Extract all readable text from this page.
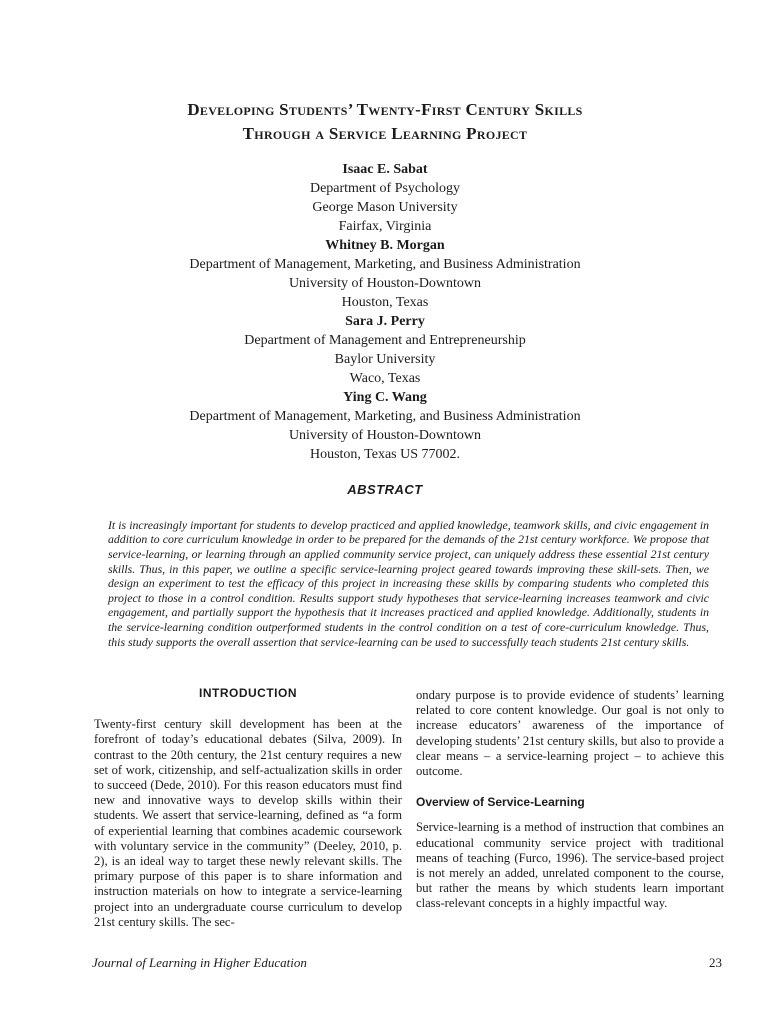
Developing Students’ Twenty-First Century Skills
Through a Service Learning Project
Isaac E. Sabat
Department of Psychology
George Mason University
Fairfax, Virginia
Whitney B. Morgan
Department of Management, Marketing, and Business Administration
University of Houston-Downtown
Houston, Texas
Sara J. Perry
Department of Management and Entrepreneurship
Baylor University
Waco, Texas
Ying C. Wang
Department of Management, Marketing, and Business Administration
University of Houston-Downtown
Houston, Texas US 77002.
ABSTRACT

It is increasingly important for students to develop practiced and applied knowledge, teamwork skills, and civic engagement in addition to core curriculum knowledge in order to be prepared for the demands of the 21st century workforce. We propose that service-learning, or learning through an applied community service project, can uniquely address these essential 21st century skills. Thus, in this paper, we outline a specific service-learning project geared towards improving these skill-sets. Then, we design an experiment to test the efficacy of this project in increasing these skills by comparing students who completed this project to those in a control condition. Results support study hypotheses that service-learning increases teamwork and civic engagement, and partially support the hypothesis that it increases practiced and applied knowledge. Additionally, students in the service-learning condition outperformed students in the control condition on a test of core-curriculum knowledge. Thus, this study supports the overall assertion that service-learning can be used to successfully teach students 21st century skills.

INTRODUCTION

Twenty-first century skill development has been at the forefront of today’s educational debates (Silva, 2009). In contrast to the 20th century, the 21st century requires a new set of work, citizenship, and self-actualization skills in order to succeed (Dede, 2010). For this reason educators must find new and innovative ways to develop skills within their students. We assert that service-learning, defined as “a form of experiential learning that combines academic coursework with voluntary service in the community” (Deeley, 2010, p. 2), is an ideal way to target these newly relevant skills. The primary purpose of this paper is to share information and instruction materials on how to integrate a service-learning project into an undergraduate course curriculum to develop 21st century skills. The sec-

ondary purpose is to provide evidence of students’ learning related to core content knowledge. Our goal is not only to increase educators’ awareness of the importance of developing students’ 21st century skills, but also to provide a clear means – a service-learning project – to achieve this outcome.

Overview of Service-Learning

Service-learning is a method of instruction that combines an educational community service project with traditional means of teaching (Furco, 1996). The service-based project is not merely an added, unrelated component to the course, but rather the means by which students learn important class-relevant concepts in a highly impactful way.

Journal of Learning in Higher Education	23
